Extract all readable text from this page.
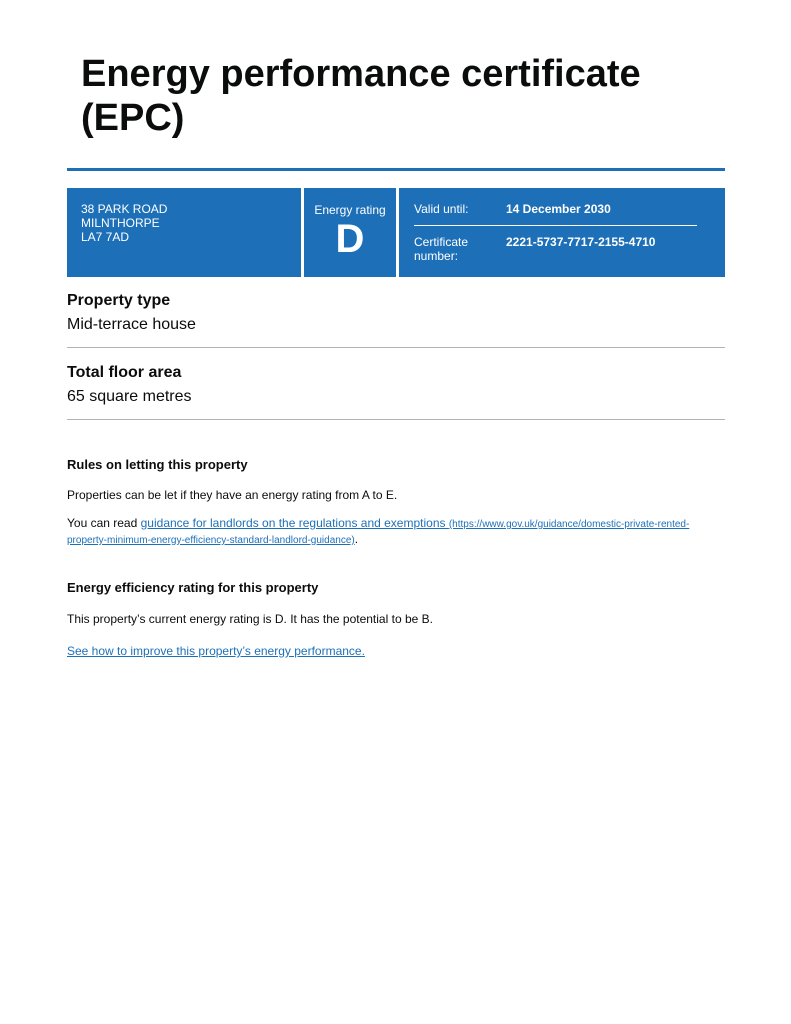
Energy performance certificate (EPC)
38 PARK ROAD
MILNTHORPE
LA7 7AD
Energy rating
D
Valid until:	14 December 2030
Certificate
number:
2221-5737-7717-2155-4710
Property type
Mid-terrace house
Total floor area
65 square metres
Rules on letting this property
Properties can be let if they have an energy rating from A to E.
You can read guidance for landlords on the regulations and exemptions (https://www.gov.uk/guidance/domestic-private-rented-
property-minimum-energy-efficiency-standard-landlord-guidance).
Energy efficiency rating for this property
This property’s current energy rating is D. It has the potential to be B.
See how to improve this property’s energy performance.
